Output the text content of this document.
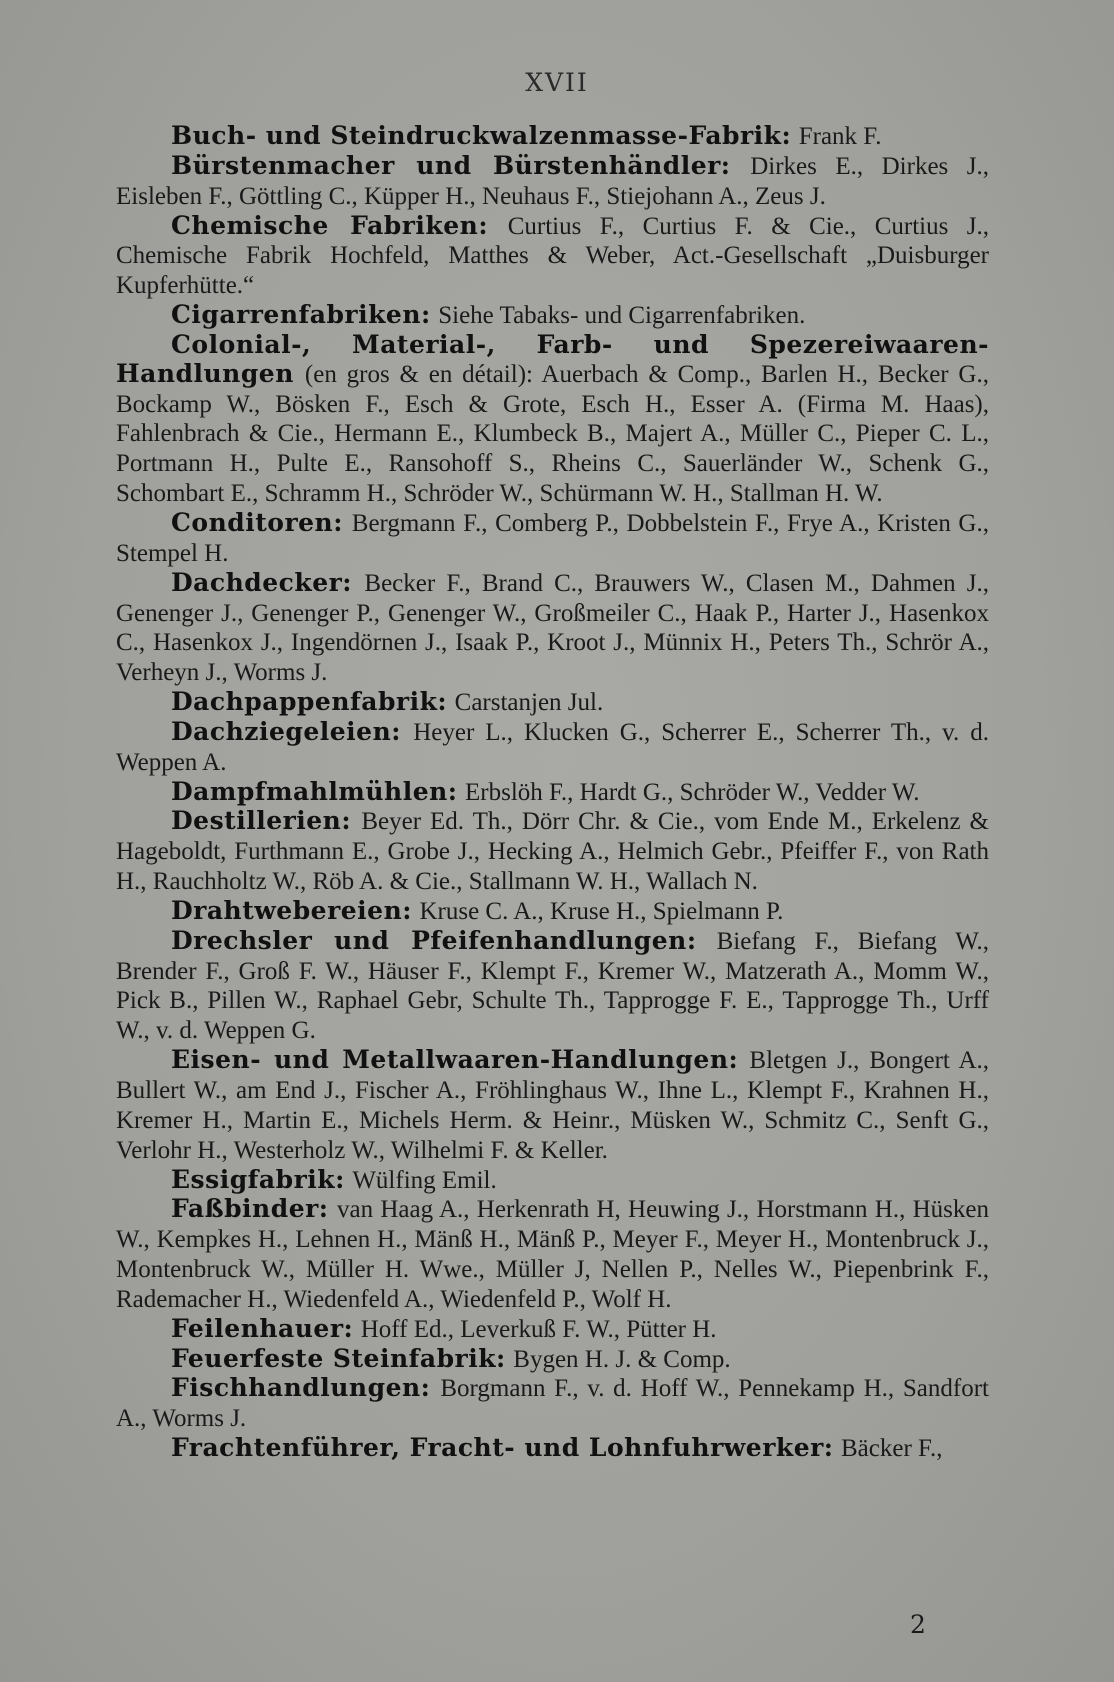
XVII

Buch- und Steindruckwalzenmasse-Fabrik: Frank F.

Bürstenmacher und Bürstenhändler: Dirkes E., Dirkes J., Eisleben F., Göttling C., Küpper H., Neuhaus F., Stiejohann A., Zeus J.

Chemische Fabriken: Curtius F., Curtius F. & Cie., Curtius J., Chemische Fabrik Hochfeld, Matthes & Weber, Act.-Gesellschaft „Duisburger Kupferhütte.“

Cigarrenfabriken: Siehe Tabaks- und Cigarrenfabriken.

Colonial-, Material-, Farb- und Spezereiwaaren-Handlungen (en gros & en détail): Auerbach & Comp., Barlen H., Becker G., Bockamp W., Bösken F., Esch & Grote, Esch H., Esser A. (Firma M. Haas), Fahlenbrach & Cie., Hermann E., Klumbeck B., Majert A., Müller C., Pieper C. L., Portmann H., Pulte E., Ransohoff S., Rheins C., Sauerländer W., Schenk G., Schombart E., Schramm H., Schröder W., Schürmann W. H., Stallman H. W.

Conditoren: Bergmann F., Comberg P., Dobbelstein F., Frye A., Kristen G., Stempel H.

Dachdecker: Becker F., Brand C., Brauwers W., Clasen M., Dahmen J., Genenger J., Genenger P., Genenger W., Großmeiler C., Haak P., Harter J., Hasenkox C., Hasenkox J., Ingendörnen J., Isaak P., Kroot J., Münnix H., Peters Th., Schrör A., Verheyn J., Worms J.

Dachpappenfabrik: Carstanjen Jul.

Dachziegeleien: Heyer L., Klucken G., Scherrer E., Scherrer Th., v. d. Weppen A.

Dampfmahlmühlen: Erbslöh F., Hardt G., Schröder W., Vedder W.

Destillerien: Beyer Ed. Th., Dörr Chr. & Cie., vom Ende M., Erkelenz & Hageboldt, Furthmann E., Grobe J., Hecking A., Helmich Gebr., Pfeiffer F., von Rath H., Rauchholtz W., Röb A. & Cie., Stallmann W. H., Wallach N.

Drahtwebereien: Kruse C. A., Kruse H., Spielmann P.

Drechsler und Pfeifenhandlungen: Biefang F., Biefang W., Brender F., Groß F. W., Häuser F., Klempt F., Kremer W., Matzerath A., Momm W., Pick B., Pillen W., Raphael Gebr, Schulte Th., Tapprogge F. E., Tapprogge Th., Urff W., v. d. Weppen G.

Eisen- und Metallwaaren-Handlungen: Bletgen J., Bongert A., Bullert W., am End J., Fischer A., Fröhlinghaus W., Ihne L., Klempt F., Krahnen H., Kremer H., Martin E., Michels Herm. & Heinr., Müsken W., Schmitz C., Senft G., Verlohr H., Westerholz W., Wilhelmi F. & Keller.

Essigfabrik: Wülfing Emil.

Faßbinder: van Haag A., Herkenrath H, Heuwing J., Horstmann H., Hüsken W., Kempkes H., Lehnen H., Mänß H., Mänß P., Meyer F., Meyer H., Montenbruck J., Montenbruck W., Müller H. Wwe., Müller J, Nellen P., Nelles W., Piepenbrink F., Rademacher H., Wiedenfeld A., Wiedenfeld P., Wolf H.

Feilenhauer: Hoff Ed., Leverkuß F. W., Pütter H.

Feuerfeste Steinfabrik: Bygen H. J. & Comp.

Fischhandlungen: Borgmann F., v. d. Hoff W., Pennekamp H., Sandfort A., Worms J.

Frachtenführer, Fracht- und Lohnfuhrwerker: Bäcker F.,

2
